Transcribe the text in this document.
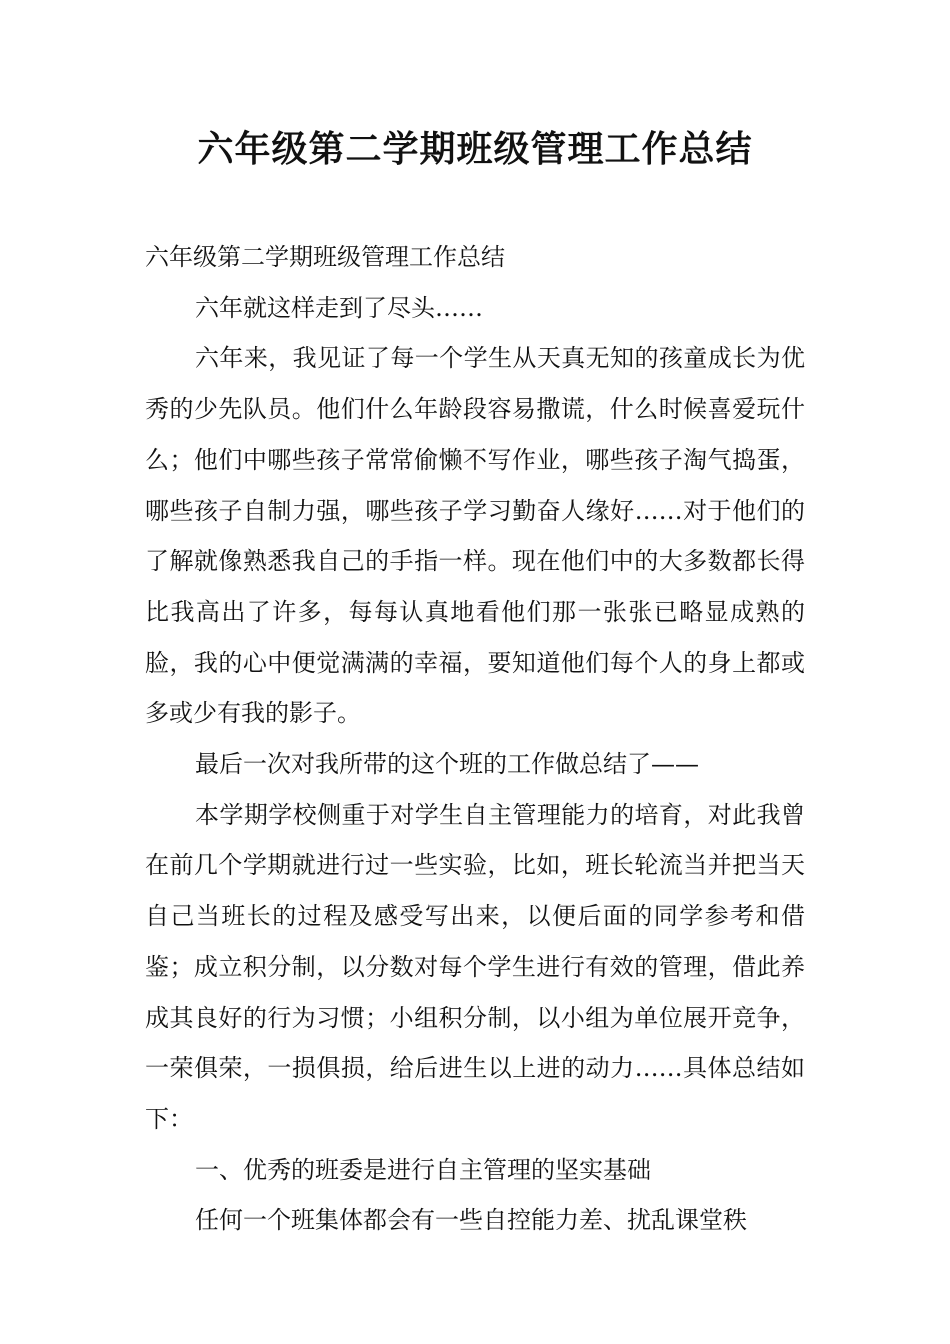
六年级第二学期班级管理工作总结

六年级第二学期班级管理工作总结

六年就这样走到了尽头……

六年来，我见证了每一个学生从天真无知的孩童成长为优秀的少先队员。他们什么年龄段容易撒谎，什么时候喜爱玩什么；他们中哪些孩子常常偷懒不写作业，哪些孩子淘气捣蛋，哪些孩子自制力强，哪些孩子学习勤奋人缘好……对于他们的了解就像熟悉我自己的手指一样。现在他们中的大多数都长得比我高出了许多，每每认真地看他们那一张张已略显成熟的脸，我的心中便觉满满的幸福，要知道他们每个人的身上都或多或少有我的影子。

最后一次对我所带的这个班的工作做总结了——

本学期学校侧重于对学生自主管理能力的培育，对此我曾在前几个学期就进行过一些实验，比如，班长轮流当并把当天自己当班长的过程及感受写出来，以便后面的同学参考和借鉴；成立积分制，以分数对每个学生进行有效的管理，借此养成其良好的行为习惯；小组积分制，以小组为单位展开竞争，一荣俱荣，一损俱损，给后进生以上进的动力……具体总结如下：

一、优秀的班委是进行自主管理的坚实基础

任何一个班集体都会有一些自控能力差、扰乱课堂秩
